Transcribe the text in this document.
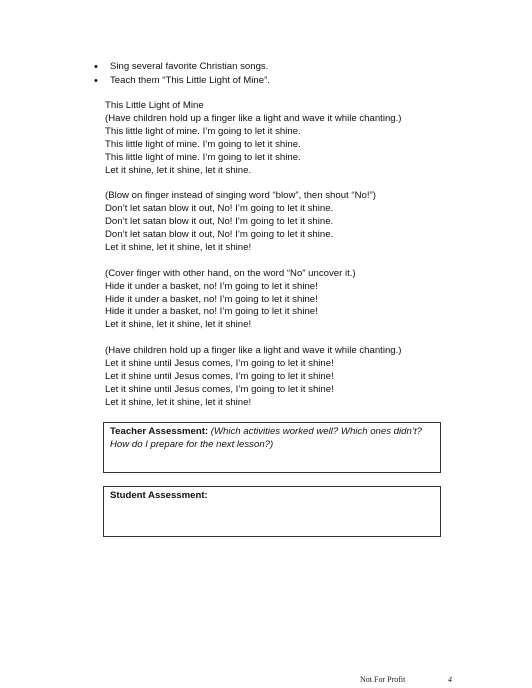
• Sing several favorite Christian songs.
• Teach them “This Little Light of Mine”.
This Little Light of Mine
(Have children hold up a finger like a light and wave it while chanting.)
This little light of mine. I’m going to let it shine.
This little light of mine. I’m going to let it shine.
This little light of mine. I’m going to let it shine.
Let it shine, let it shine, let it shine.
(Blow on finger instead of singing word “blow”, then shout “No!”)
Don’t let satan blow it out, No! I’m going to let it shine.
Don’t let satan blow it out, No! I’m going to let it shine.
Don’t let satan blow it out, No! I’m going to let it shine.
Let it shine, let it shine, let it shine!
(Cover finger with other hand, on the word “No” uncover it.)
Hide it under a basket, no! I’m going to let it shine!
Hide it under a basket, no! I’m going to let it shine!
Hide it under a basket, no! I’m going to let it shine!
Let it shine, let it shine, let it shine!
(Have children hold up a finger like a light and wave it while chanting.)
Let it shine until Jesus comes, I’m going to let it shine!
Let it shine until Jesus comes, I’m going to let it shine!
Let it shine until Jesus comes, I’m going to let it shine!
Let it shine, let it shine, let it shine!
Teacher Assessment: (Which activities worked well? Which ones didn’t? How do I prepare for the next lesson?)
Student Assessment:
Not For Profit	4
